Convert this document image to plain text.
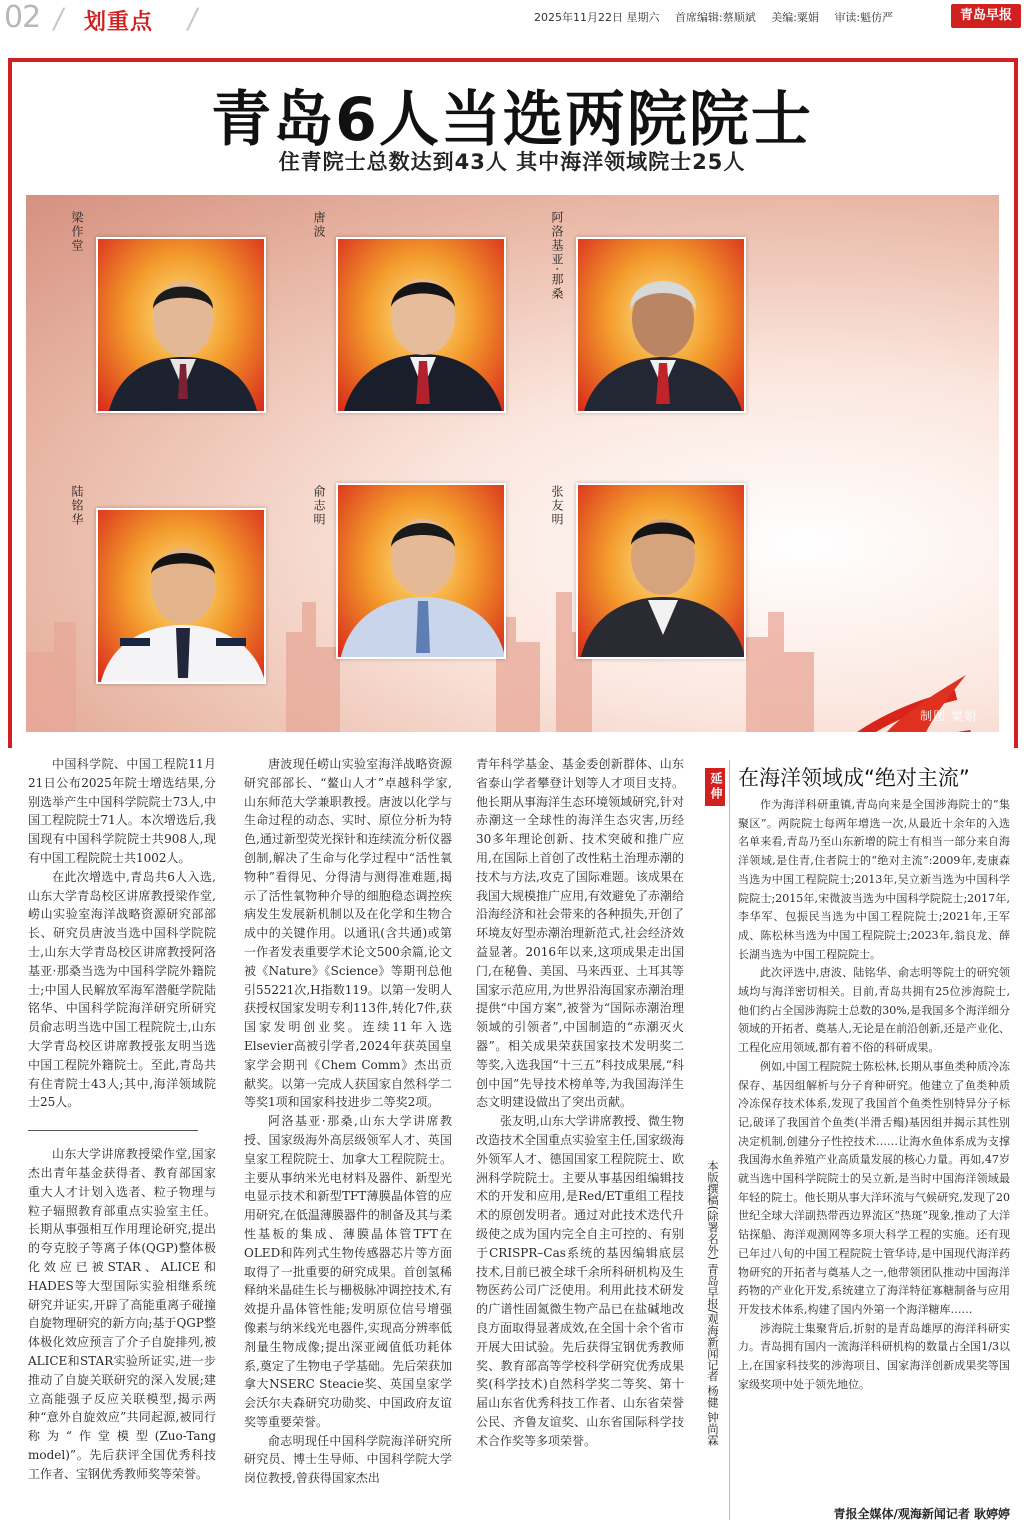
02 / 划重点 /	2025年11月22日 星期六 首席编辑:蔡顺斌 美编:粟娟 审读:魁仿严	青岛早报
青岛6人当选两院院士
住青院士总数达到43人 其中海洋领域院士25人
梁作堂	唐波	阿洛基亚·那桑
陆铭华	俞志明	张友明
制图 粟娟

中国科学院、中国工程院11月21日公布2025年院士增选结果,分别选举产生中国科学院院士73人,中国工程院院士71人。本次增选后,我国现有中国科学院院士共908人,现有中国工程院院士共1002人。

在此次增选中,青岛共6人入选,山东大学青岛校区讲席教授梁作堂,崂山实验室海洋战略资源研究部部长、研究员唐波当选中国科学院院士,山东大学青岛校区讲席教授阿洛基亚·那桑当选为中国科学院外籍院士;中国人民解放军海军潜艇学院陆铭华、中国科学院海洋研究所研究员俞志明当选中国工程院院士,山东大学青岛校区讲席教授张友明当选中国工程院外籍院士。至此,青岛共有住青院士43人;其中,海洋领域院士25人。

山东大学讲席教授梁作堂,国家杰出青年基金获得者、教育部国家重大人才计划入选者、粒子物理与粒子辐照教育部重点实验室主任。长期从事强相互作用理论研究,提出的夸克胶子等离子体(QGP)整体极化效应已被STAR、ALICE和HADES等大型国际实验相继系统研究并证实,开辟了高能重离子碰撞自旋物理研究的新方向;基于QGP整体极化效应预言了介子自旋排列,被ALICE和STAR实验所证实,进一步推动了自旋关联研究的深入发展;建立高能强子反应关联模型,揭示两种“意外自旋效应”共同起源,被同行称为“作堂模型(Zuo-Tang model)”。先后获评全国优秀科技工作者、宝钢优秀教师奖等荣誉。

唐波现任崂山实验室海洋战略资源研究部部长、“鳌山人才”卓越科学家,山东师范大学兼职教授。唐波以化学与生命过程的动态、实时、原位分析为特色,通过新型荧光探针和连续流分析仪器创制,解决了生命与化学过程中“活性氧物种”看得见、分得清与测得准难题,揭示了活性氧物种介导的细胞稳态调控疾病发生发展新机制以及在化学和生物合成中的关键作用。以通讯(含共通)或第一作者发表重要学术论文500余篇,论文被《Nature》《Science》等期刊总他引55221次,H指数119。以第一发明人获授权国家发明专利113件,转化7件,获国家发明创业奖。连续11年入选Elsevier高被引学者,2024年获英国皇家学会期刊《Chem Comm》杰出贡献奖。以第一完成人获国家自然科学二等奖1项和国家科技进步二等奖2项。

阿洛基亚·那桑,山东大学讲席教授、国家级海外高层级领军人才、英国皇家工程院院士、加拿大工程院院士。主要从事纳米光电材料及器件、新型光电显示技术和新型TFT薄膜晶体管的应用研究,在低温薄膜器件的制备及其与柔性基板的集成、薄膜晶体管TFT在OLED和阵列式生物传感器芯片等方面取得了一批重要的研究成果。首创氢稀释纳米晶硅生长与栅极脉冲调控技术,有效提升晶体管性能;发明原位信号增强像素与纳米线光电器件,实现高分辨率低剂量生物成像;提出深亚阈值低功耗体系,奠定了生物电子学基础。先后荣获加拿大NSERC Steacie奖、英国皇家学会沃尔夫森研究功勋奖、中国政府友谊奖等重要荣誉。

俞志明现任中国科学院海洋研究所研究员、博士生导师、中国科学院大学岗位教授,曾获得国家杰出

青年科学基金、基金委创新群体、山东省泰山学者攀登计划等人才项目支持。他长期从事海洋生态环境领域研究,针对赤潮这一全球性的海洋生态灾害,历经30多年理论创新、技术突破和推广应用,在国际上首创了改性粘土治理赤潮的技术与方法,攻克了国际难题。该成果在我国大规模推广应用,有效避免了赤潮给沿海经济和社会带来的各种损失,开创了环境友好型赤潮治理新范式,社会经济效益显著。2016年以来,这项成果走出国门,在秘鲁、美国、马来西亚、土耳其等国家示范应用,为世界沿海国家赤潮治理提供“中国方案”,被誉为“国际赤潮治理领域的引领者”,中国制造的“赤潮灭火器”。相关成果荣获国家技术发明奖二等奖,入选我国“十三五”科技成果展,“科创中国”先导技术榜单等,为我国海洋生态文明建设做出了突出贡献。

张友明,山东大学讲席教授、微生物改造技术全国重点实验室主任,国家级海外领军人才、德国国家工程院院士、欧洲科学院院士。主要从事基因组编辑技术的开发和应用,是Red/ET重组工程技术的原创发明者。通过对此技术迭代升级使之成为国内完全自主可控的、有别于CRISPR–Cas系统的基因编辑底层技术,目前已被全球千余所科研机构及生物医药公司广泛使用。利用此技术研发的广谱性固氮微生物产品已在盐碱地改良方面取得显著成效,在全国十余个省市开展大田试验。先后获得宝钢优秀教师奖、教育部高等学校科学研究优秀成果奖(科学技术)自然科学奖二等奖、第十届山东省优秀科技工作者、山东省荣誉公民、齐鲁友谊奖、山东省国际科学技术合作奖等多项荣誉。

延伸
本版撰稿(除署名外) 青岛早报/观海新闻记者 杨健 钟尚霖
在海洋领域成“绝对主流”

作为海洋科研重镇,青岛向来是全国涉海院士的“集聚区”。两院院士每两年增选一次,从最近十余年的入选名单来看,青岛乃至山东新增的院士有相当一部分来自海洋领域,是住青,住者院士的“绝对主流”:2009年,麦康森当选为中国工程院院士;2013年,吴立新当选为中国科学院院士;2015年,宋微波当选为中国科学院院士;2017年,李华军、包振民当选为中国工程院院士;2021年,王军成、陈松林当选为中国工程院院士;2023年,翁良龙、薛长湖当选为中国工程院院士。

此次评选中,唐波、陆铭华、俞志明等院士的研究领域均与海洋密切相关。目前,青岛共拥有25位涉海院士,他们约占全国涉海院士总数的30%,是我国多个海洋细分领域的开拓者、奠基人,无论是在前沿创新,还是产业化、工程化应用领域,都有着不俗的科研成果。

例如,中国工程院院士陈松林,长期从事鱼类种质冷冻保存、基因组解析与分子育种研究。他建立了鱼类种质冷冻保存技术体系,发现了我国首个鱼类性别特异分子标记,破译了我国首个鱼类(半滑舌鳎)基因组并揭示其性别决定机制,创建分子性控技术……让海水鱼体系成为支撑我国海水鱼养殖产业高质量发展的核心力量。再如,47岁就当选中国科学院院士的吴立新,是当时中国海洋领域最年轻的院士。他长期从事大洋环流与气候研究,发现了20世纪全球大洋副热带西边界流区“热斑”现象,推动了大洋钻探船、海洋观测网等多项大科学工程的实施。还有现已年过八旬的中国工程院院士管华诗,是中国现代海洋药物研究的开拓者与奠基人之一,他带领团队推动中国海洋药物的产业化开发,系统建立了海洋特征寡糖制备与应用开发技术体系,构建了国内外第一个海洋糖库……

涉海院士集聚背后,折射的是青岛雄厚的海洋科研实力。青岛拥有国内一流海洋科研机构的数量占全国1/3以上,在国家科技奖的涉海项目、国家海洋创新成果奖等国家级奖项中处于领先地位。

青报全媒体/观海新闻记者 耿婷婷
